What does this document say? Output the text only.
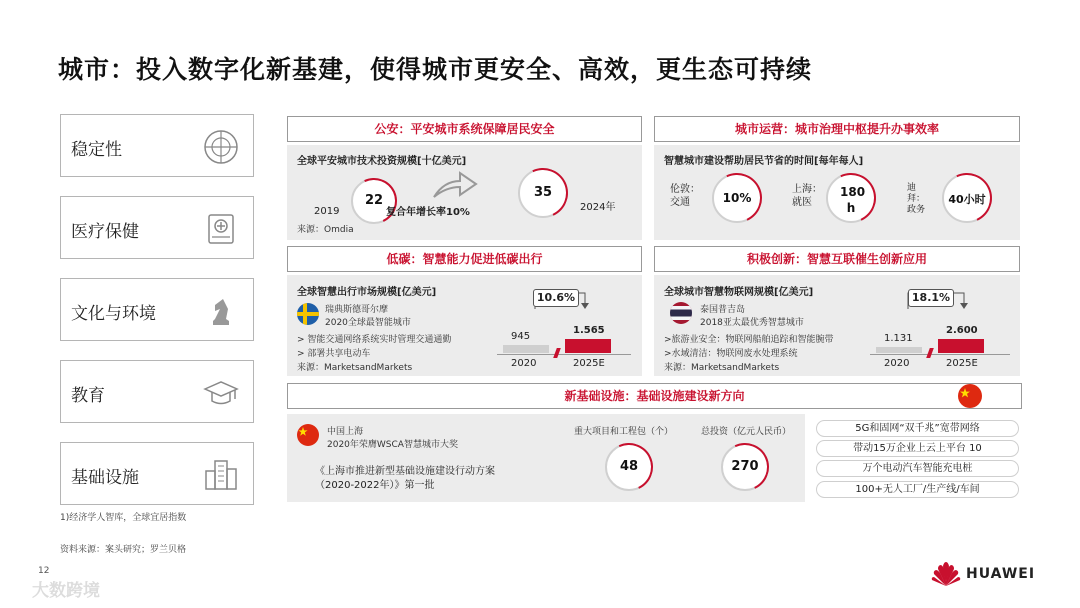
城市：投入数字化新基建，使得城市更安全、高效，更生态可持续
稳定性
医疗保健
文化与环境
教育
基础设施
1)经济学人智库，全球宜居指数
资料来源：案头研究；罗兰贝格
公安：平安城市系统保障居民安全
全球平安城市技术投资规模[十亿美元]
22
2019	复合年增长率10%
35
2024年
来源：Omdia
城市运营：城市治理中枢提升办事效率
智慧城市建设帮助居民节省的时间[每年每人]
伦敦：
交通	10%
上海：
就医
180 h
迪
拜：
政务
40小时
低碳：智慧能力促进低碳出行
全球智慧出行市场规模[亿美元]
瑞典斯德哥尔摩
2020全球最智能城市
> 智能交通网络系统实时管理交通通勤
> 部署共享电动车
来源：MarketsandMarkets
10.6%
945
2020
1.565
2025E
积极创新：智慧互联催生创新应用
全球城市智慧物联网规模[亿美元]
泰国普吉岛
2018亚太最优秀智慧城市
>旅游业安全：物联网船舶追踪和智能腕带
>水域清洁：物联网废水处理系统
来源：MarketsandMarkets
18.1%
1.131
2020
2.600
2025E
新基础设施：基础设施建设新方向
中国上海
2020年荣膺WSCA智慧城市大奖
《上海市推进新型基础设施建设行动方案
（2020-2022年）》第一批
重大项目和工程包（个）
48
总投资（亿元人民币）
270
5G和固网“双千兆”宽带网络
带动15万企业上云上平台 10
万个电动汽车智能充电桩
100+无人工厂/生产线/车间
12
大数跨境
HUAWEI
